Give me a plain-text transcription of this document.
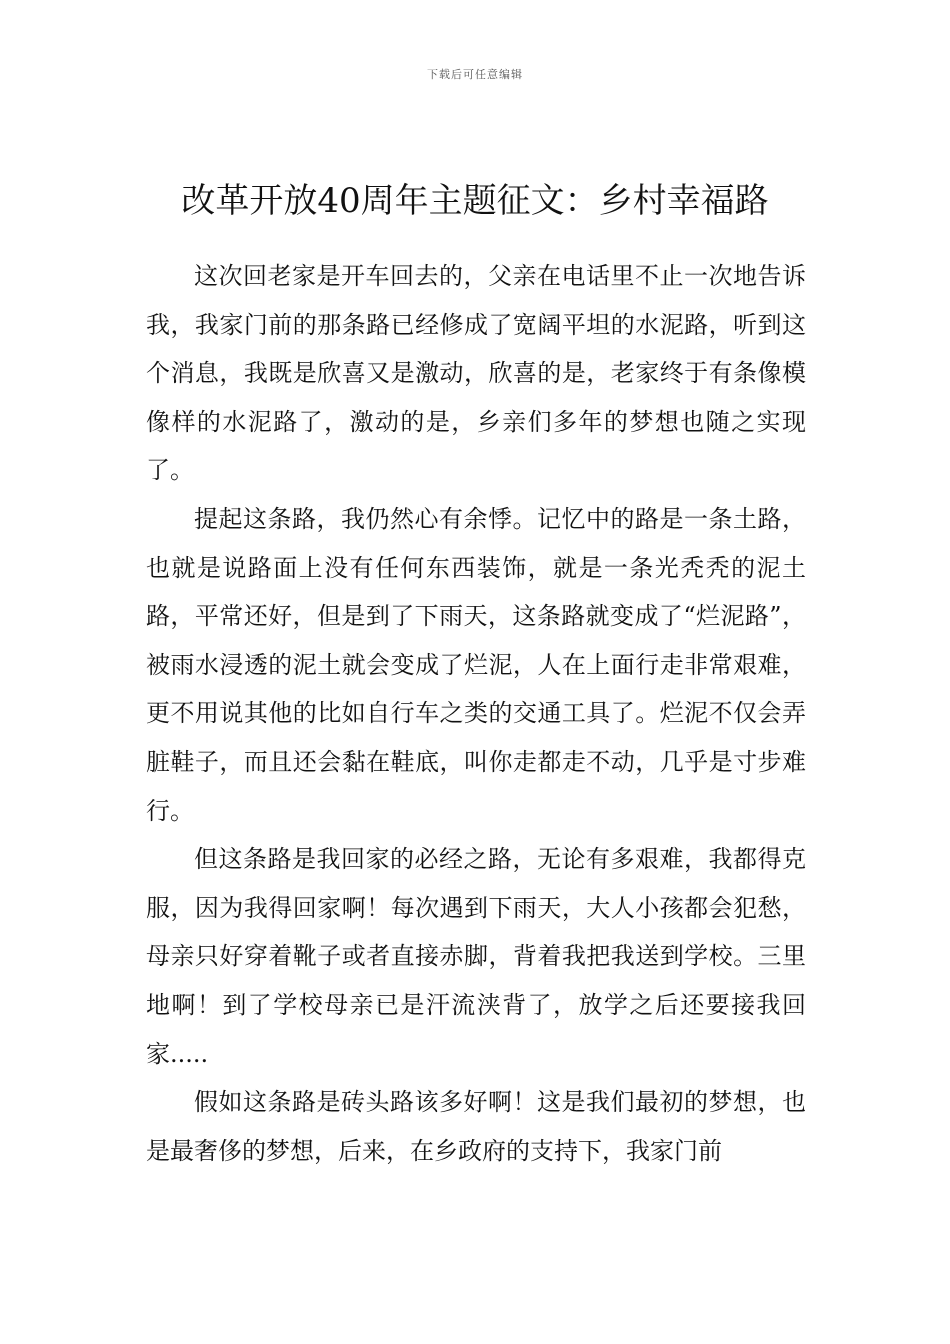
下载后可任意编辑
改革开放40周年主题征文：乡村幸福路

这次回老家是开车回去的，父亲在电话里不止一次地告诉我，我家门前的那条路已经修成了宽阔平坦的水泥路，听到这个消息，我既是欣喜又是激动，欣喜的是，老家终于有条像模像样的水泥路了，激动的是，乡亲们多年的梦想也随之实现了。

提起这条路，我仍然心有余悸。记忆中的路是一条土路，也就是说路面上没有任何东西装饰，就是一条光秃秃的泥土路，平常还好，但是到了下雨天，这条路就变成了“烂泥路”，被雨水浸透的泥土就会变成了烂泥，人在上面行走非常艰难，更不用说其他的比如自行车之类的交通工具了。烂泥不仅会弄脏鞋子，而且还会黏在鞋底，叫你走都走不动，几乎是寸步难行。

但这条路是我回家的必经之路，无论有多艰难，我都得克服，因为我得回家啊！每次遇到下雨天，大人小孩都会犯愁，母亲只好穿着靴子或者直接赤脚，背着我把我送到学校。三里地啊！到了学校母亲已是汗流浃背了，放学之后还要接我回家.....

假如这条路是砖头路该多好啊！这是我们最初的梦想，也是最奢侈的梦想，后来，在乡政府的支持下，我家门前
